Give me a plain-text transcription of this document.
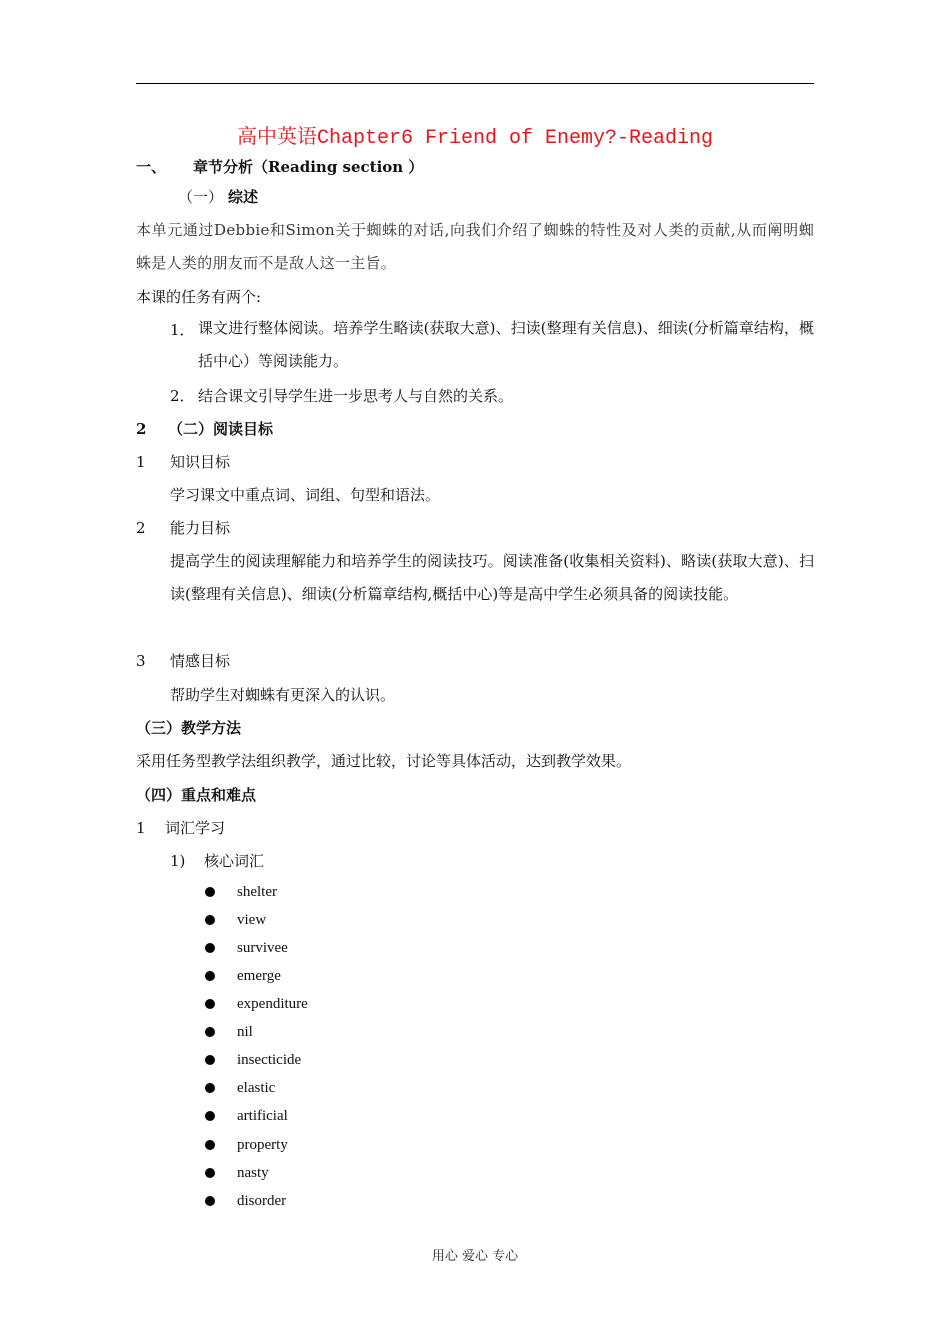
高中英语Chapter6 Friend of Enemy?-Reading
一、 章节分析（Reading section ）
（一） 综述
本单元通过Debbie和Simon关于蜘蛛的对话,向我们介绍了蜘蛛的特性及对人类的贡献,从而阐明蜘蛛是人类的朋友而不是敌人这一主旨。
本课的任务有两个:
1． 课文进行整体阅读。培养学生略读(获取大意)、扫读(整理有关信息)、细读(分析篇章结构，概括中心）等阅读能力。
2． 结合课文引导学生进一步思考人与自然的关系。
2 （二）阅读目标
1 知识目标
学习课文中重点词、词组、句型和语法。
2 能力目标
提高学生的阅读理解能力和培养学生的阅读技巧。阅读准备(收集相关资料)、略读(获取大意)、扫读(整理有关信息)、细读(分析篇章结构,概括中心)等是高中学生必须具备的阅读技能。
3 情感目标
帮助学生对蜘蛛有更深入的认识。
（三）教学方法
采用任务型教学法组织教学，通过比较，讨论等具体活动，达到教学效果。
（四）重点和难点
1 词汇学习
1) 核心词汇
shelter
view
survivee
emerge
expenditure
nil
insecticide
elastic
artificial
property
nasty
disorder
用心 爱心 专心
